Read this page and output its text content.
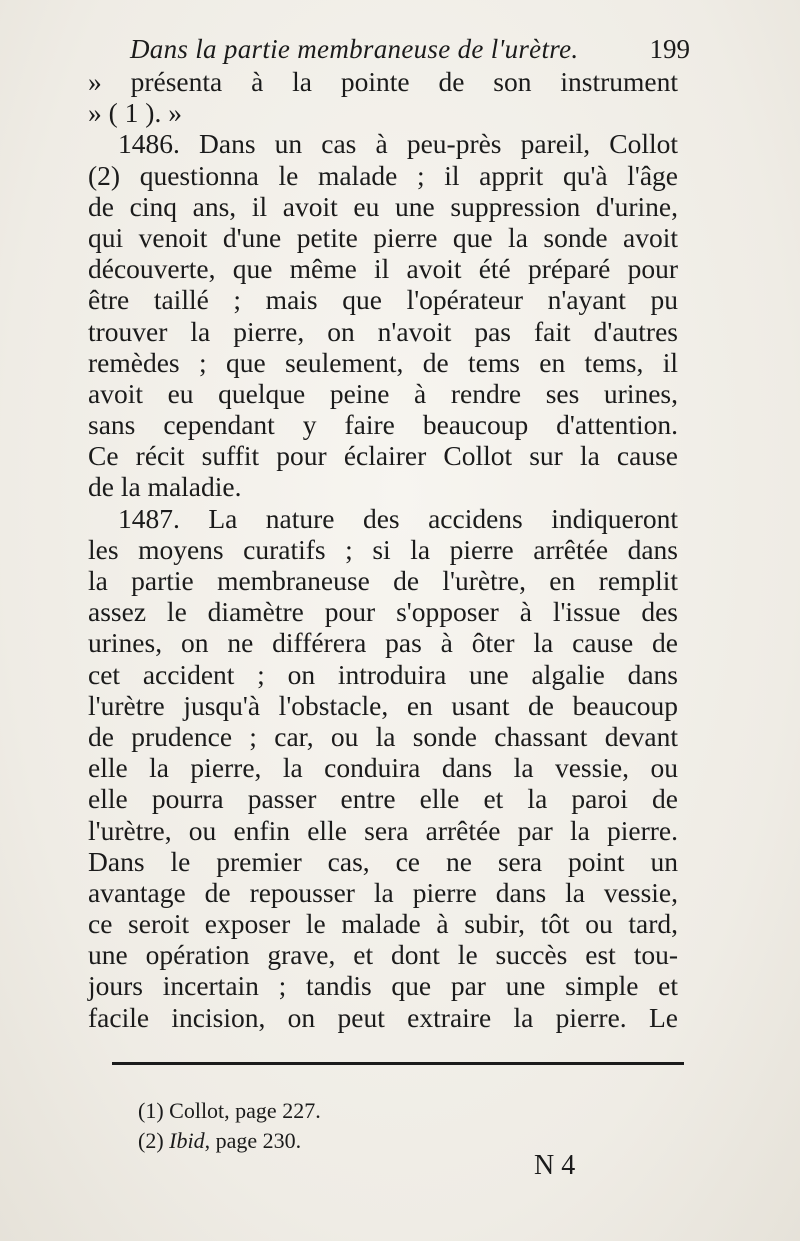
Dans la partie membraneuse de l'urètre.	199
» présenta à la pointe de son instrument
» ( 1 ). »
1486. Dans un cas à peu-près pareil, Collot
(2) questionna le malade ; il apprit qu'à l'âge
de cinq ans, il avoit eu une suppression d'urine,
qui venoit d'une petite pierre que la sonde avoit
découverte, que même il avoit été préparé pour
être taillé ; mais que l'opérateur n'ayant pu
trouver la pierre, on n'avoit pas fait d'autres
remèdes ; que seulement, de tems en tems, il
avoit eu quelque peine à rendre ses urines,
sans cependant y faire beaucoup d'attention.
Ce récit suffit pour éclairer Collot sur la cause
de la maladie.
1487. La nature des accidens indiqueront
les moyens curatifs ; si la pierre arrêtée dans
la partie membraneuse de l'urètre, en remplit
assez le diamètre pour s'opposer à l'issue des
urines, on ne différera pas à ôter la cause de
cet accident ; on introduira une algalie dans
l'urètre jusqu'à l'obstacle, en usant de beaucoup
de prudence ; car, ou la sonde chassant devant
elle la pierre, la conduira dans la vessie, ou
elle pourra passer entre elle et la paroi de
l'urètre, ou enfin elle sera arrêtée par la pierre.
Dans le premier cas, ce ne sera point un
avantage de repousser la pierre dans la vessie,
ce seroit exposer le malade à subir, tôt ou tard,
une opération grave, et dont le succès est tou-
jours incertain ; tandis que par une simple et
facile incision, on peut extraire la pierre. Le
(1) Collot, page 227.
(2) Ibid, page 230.
N 4
